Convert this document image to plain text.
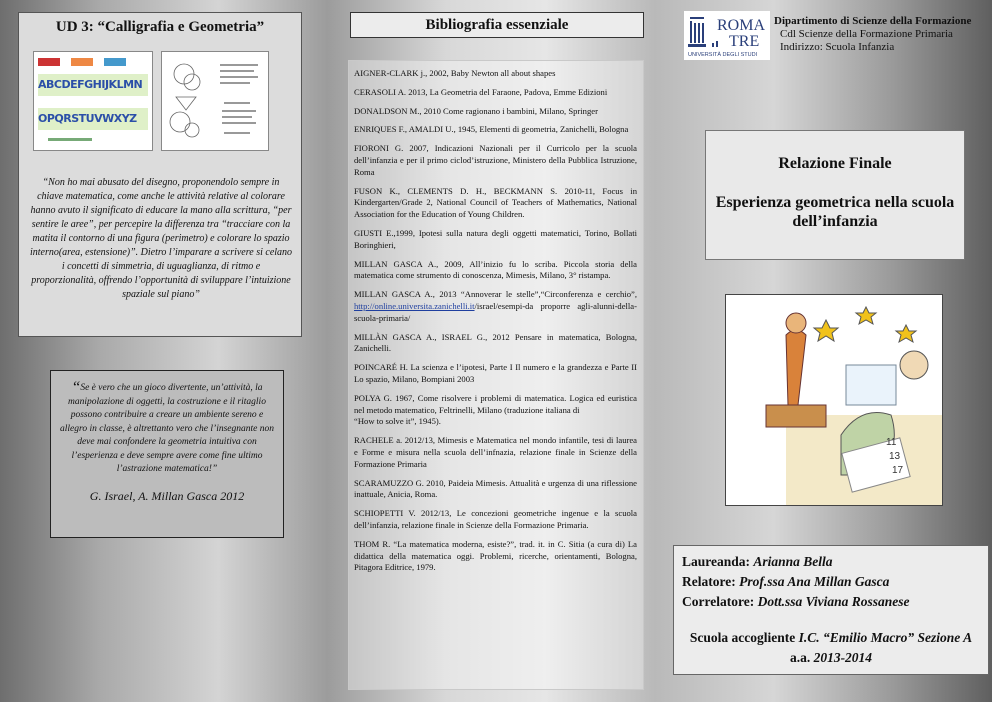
UD 3: “Calligrafia e Geometria”
ABCDEFGHIJKLMN
OPQRSTUVWXYZ
“Non ho mai abusato del disegno, proponendolo sempre in chiave matematica, come anche le attività relative al colorare hanno avuto il significato di educare la mano alla scrittura, “per sentire le aree”, per percepire la differenza tra “tracciare con la matita il contorno di una figura (perimetro) e colorare lo spazio interno(area, estensione)”. Dietro l’imparare a scrivere si celano i concetti di simmetria, di uguaglianza, di ritmo e proporzionalità, offrendo l’opportunità di sviluppare l’intuizione spaziale sul piano”
“Se è vero che un gioco divertente, un’attività, la manipolazione di oggetti, la costruzione e il ritaglio possono contribuire a creare un ambiente sereno e allegro in classe, è altrettanto vero che l’insegnante non deve mai confondere la geometria intuitiva con l’esperienza e deve sempre avere come fine ultimo l’astrazione matematica!”
G. Israel, A. Millan Gasca 2012
Bibliografia essenziale

AIGNER-CLARK j., 2002, Baby Newton all about shapes

CERASOLI A. 2013, La Geometria del Faraone, Padova, Emme Edizioni

DONALDSON M., 2010 Come ragionano i bambini, Milano, Springer

ENRIQUES F., AMALDI U., 1945, Elementi di geometria, Zanichelli, Bologna

FIORONI G. 2007, Indicazioni Nazionali per il Curricolo per la scuola dell’infanzia e per il primo ciclod’istruzione, Ministero della Pubblica Istruzione, Roma

FUSON K., CLEMENTS D. H., BECKMANN S. 2010-11, Focus in Kindergarten/Grade 2, National Council of Teachers of Mathematics, National Association for the Education of Young Children.

GIUSTI E.,1999, Ipotesi sulla natura degli oggetti matematici, Torino, Bollati Boringhieri,

MILLAN GASCA A., 2009, All’inizio fu lo scriba. Piccola storia della matematica come strumento di conoscenza, Mimesis, Milano, 3° ristampa.

MILLAN GASCA A., 2013 “Annoverar le stelle”,“Circonferenza e cerchio”, http://online.universita.zanichelli.it/israel/esempi-da proporre agli-alunni-della-scuola-primaria/

MILLÀN GASCA A., ISRAEL G., 2012 Pensare in matematica, Bologna, Zanichelli.

POINCARÉ H. La scienza e l’ipotesi, Parte I Il numero e la grandezza e Parte II Lo spazio, Milano, Bompiani 2003

POLYA G. 1967, Come risolvere i problemi di matematica. Logica ed euristica nel metodo matematico, Feltrinelli, Milano (traduzione italiana di
“How to solve it”, 1945).

RACHELE a. 2012/13, Mimesis e Matematica nel mondo infantile, tesi di laurea e Forme e misura nella scuola dell’infnazia, relazione finale in Scienze della Formazione Primaria

SCARAMUZZO G. 2010, Paideia Mimesis. Attualità e urgenza di una riflessione inattuale, Anicia, Roma.

SCHIOPETTI V. 2012/13, Le concezioni geometriche ingenue e la scuola dell’infanzia, relazione finale in Scienze della Formazione Primaria.

THOM R. “La matematica moderna, esiste?”, trad. it. in C. Sitia (a cura di) La didattica della matematica oggi. Problemi, ricerche, orientamenti, Bologna, Pitagora Editrice, 1979.

ROMA
TRE
UNIVERSITÀ DEGLI STUDI
Dipartimento di Scienze della Formazione
Cdl Scienze della Formazione Primaria
Indirizzo: Scuola Infanzia
Relazione Finale
Esperienza geometrica nella scuola dell’infanzia
11
13
17
Laureanda: Arianna Bella
Relatore: Prof.ssa Ana Millan Gasca
Correlatore: Dott.ssa Viviana Rossanese
Scuola accogliente I.C. “Emilio Macro” Sezione A
a.a. 2013-2014
